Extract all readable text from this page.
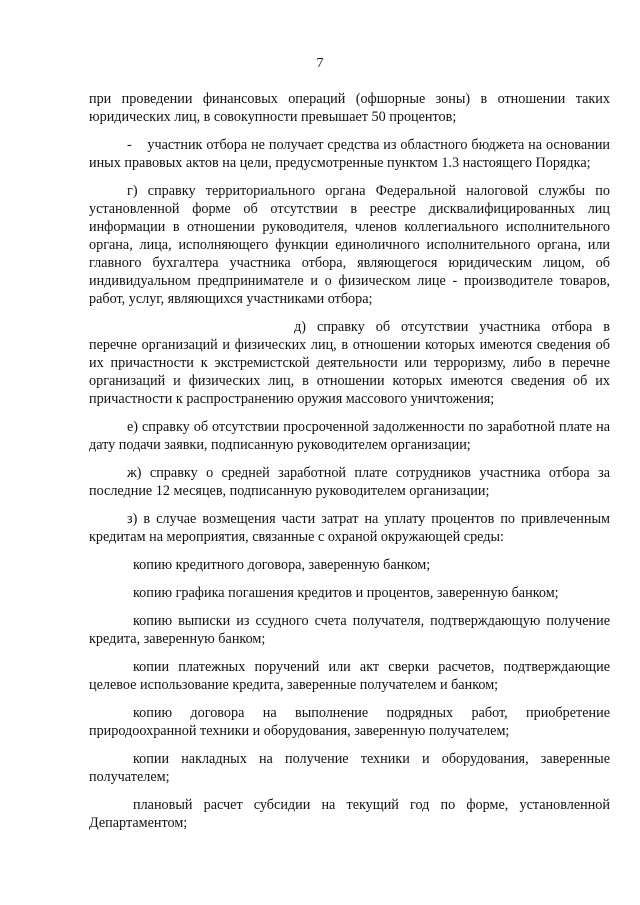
7

при проведении финансовых операций (офшорные зоны) в отношении таких юридических лиц, в совокупности превышает 50 процентов;

-    участник отбора не получает средства из областного бюджета на основании иных правовых актов на цели, предусмотренные пунктом 1.3 настоящего Порядка;

г) справку территориального органа Федеральной налоговой службы по установленной форме об отсутствии в реестре дисквалифицированных лиц информации в отношении руководителя, членов коллегиального исполнительного органа, лица, исполняющего функции единоличного исполнительного органа, или главного бухгалтера участника отбора, являющегося юридическим лицом, об индивидуальном предпринимателе и о физическом лице - производителе товаров, работ, услуг, являющихся участниками отбора;

д) справку об отсутствии участника отбора в перечне организаций и физических лиц, в отношении которых имеются сведения об их причастности к экстремистской деятельности или терроризму, либо в перечне организаций и физических лиц, в отношении которых имеются сведения об их причастности к распространению оружия массового уничтожения;

е) справку об отсутствии просроченной задолженности по заработной плате на дату подачи заявки, подписанную руководителем организации;

ж) справку о средней заработной плате сотрудников участника отбора за последние 12 месяцев, подписанную руководителем организации;

з) в случае возмещения части затрат на уплату процентов по привлеченным кредитам на мероприятия, связанные с охраной окружающей среды:

копию кредитного договора, заверенную банком;

копию графика погашения кредитов и процентов, заверенную банком;

копию выписки из ссудного счета получателя, подтверждающую получение кредита, заверенную банком;

копии платежных поручений или акт сверки расчетов, подтверждающие целевое использование кредита, заверенные получателем и банком;

копию договора на выполнение подрядных работ, приобретение природоохранной техники и оборудования, заверенную получателем;

копии накладных на получение техники и оборудования, заверенные получателем;

плановый расчет субсидии на текущий год по форме, установленной Департаментом;
